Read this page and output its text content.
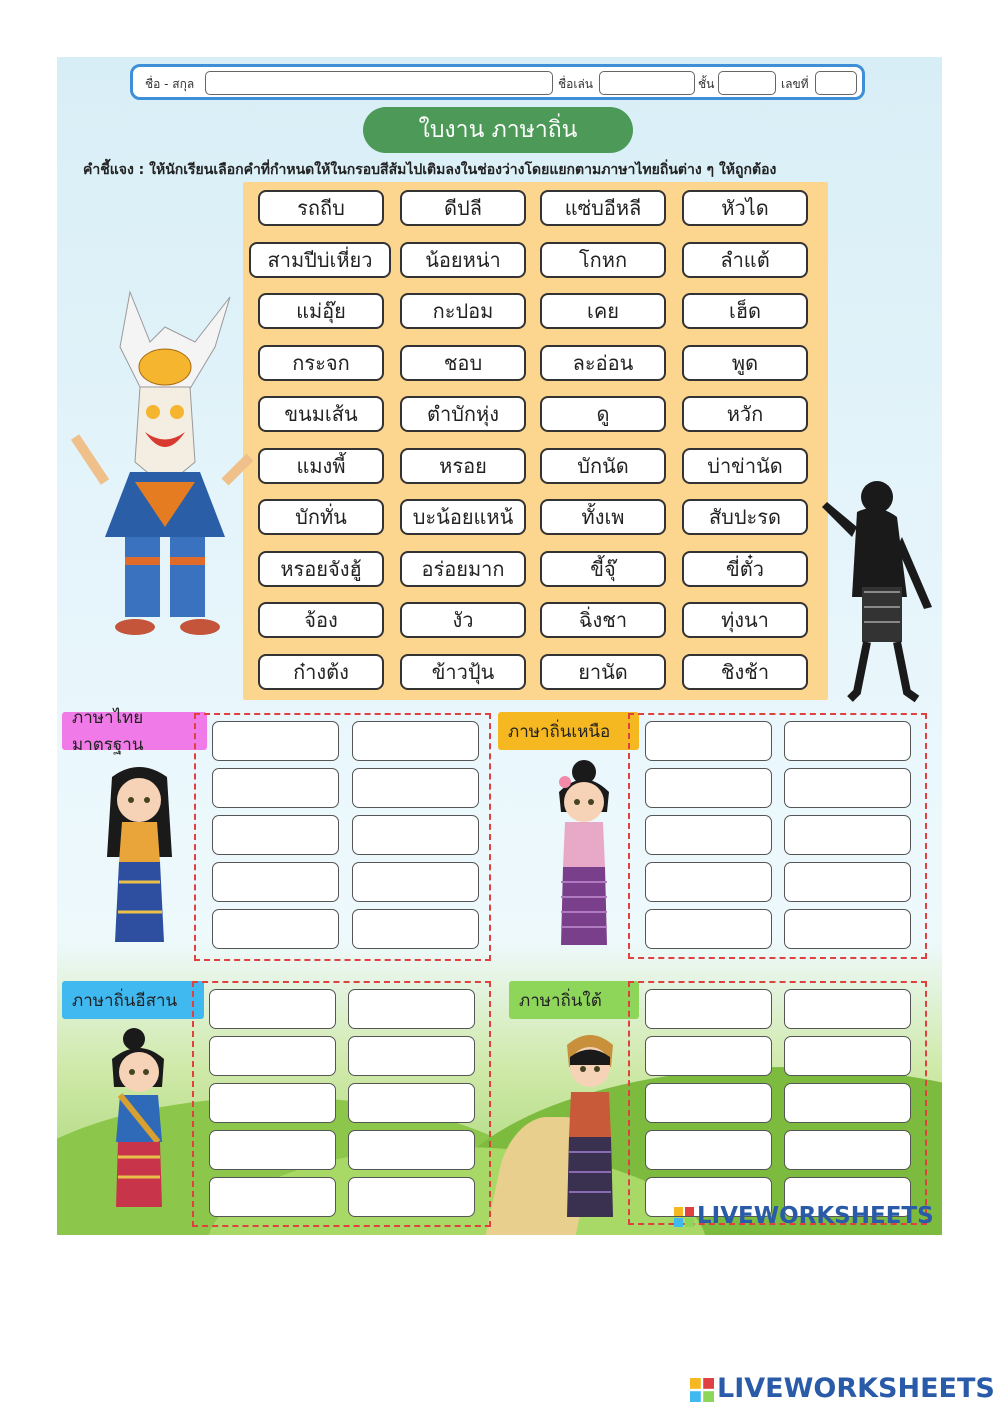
ชื่อ - สกุล	ชื่อเล่น	ชั้น	เลขที่
ใบงาน ภาษาถิ่น
คำชี้แจง : ให้นักเรียนเลือกคำที่กำหนดให้ในกรอบสีส้มไปเติมลงในช่องว่างโดยแยกตามภาษาไทยถิ่นต่าง ๆ ให้ถูกต้อง
รถถีบ	ดีปลี	แซ่บอีหลี	หัวได
สามปีบ่เหี่ยว	น้อยหน่า	โกหก	ลำแต้
แม่อุ๊ย	กะปอม	เคย	เฮ็ด
กระจก	ชอบ	ละอ่อน	พูด
ขนมเส้น	ตำบักหุ่ง	ดู	หวัก
แมงพี้	หรอย	บักนัด	บ่าข่านัด
บักทั่น	บะน้อยแหน้	ทั้งเพ	สับปะรด
หรอยจังฮู้	อร่อยมาก	ขี้จุ๊	ขี่ตั๋ว
จ้อง	งัว	ฉิ่งชา	ทุ่งนา
ก๋างต้ง	ข้าวปุ้น	ยานัด	ชิงช้า
ภาษาไทยมาตรฐาน
ภาษาถิ่นเหนือ
ภาษาถิ่นอีสาน	ภาษาถิ่นใต้
LIVEWORKSHEETS
LIVEWORKSHEETS
